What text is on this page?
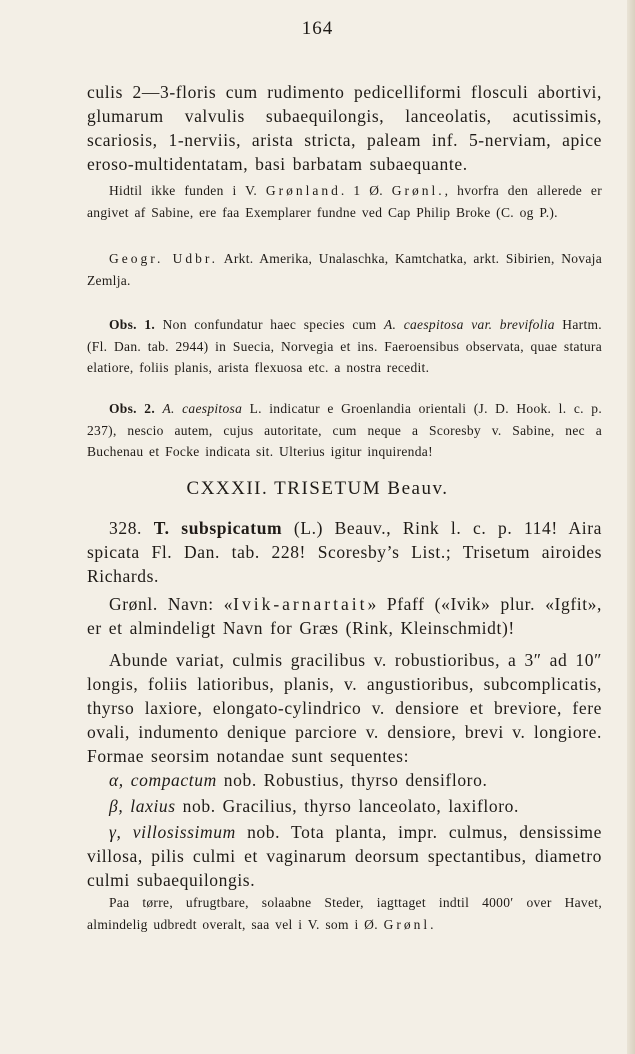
164

culis 2—3-floris cum rudimento pedicelliformi flosculi abortivi, glumarum valvulis subaequilongis, lanceolatis, acutissimis, scariosis, 1-nerviis, arista stricta, paleam inf. 5-nerviam, apice eroso-multidentatam, basi barbatam subaequante.

Hidtil ikke funden i V. Grønland. 1 Ø. Grønl., hvorfra den allerede er angivet af Sabine, ere faa Exemplarer fundne ved Cap Philip Broke (C. og P.).

Geogr. Udbr. Arkt. Amerika, Unalaschka, Kamtchatka, arkt. Sibirien, Novaja Zemlja.

Obs. 1. Non confundatur haec species cum A. caespitosa var. brevifolia Hartm. (Fl. Dan. tab. 2944) in Suecia, Norvegia et ins. Faeroensibus observata, quae statura elatiore, foliis planis, arista flexuosa etc. a nostra recedit.

Obs. 2. A. caespitosa L. indicatur e Groenlandia orientali (J. D. Hook. l. c. p. 237), nescio autem, cujus autoritate, cum neque a Scoresby v. Sabine, nec a Buchenau et Focke indicata sit. Ulterius igitur inquirenda!

CXXXII. TRISETUM Beauv.

328. T. subspicatum (L.) Beauv., Rink l. c. p. 114! Aira spicata Fl. Dan. tab. 228! Scoresby’s List.; Trisetum airoides Richards.

Grønl. Navn: «Ivik-arnartait» Pfaff («Ivik» plur. «Igfit», er et almindeligt Navn for Græs (Rink, Kleinschmidt)!

Abunde variat, culmis gracilibus v. robustioribus, a 3″ ad 10″ longis, foliis latioribus, planis, v. angustioribus, subcomplicatis, thyrso laxiore, elongato-cylindrico v. densiore et breviore, fere ovali, indumento denique parciore v. densiore, brevi v. longiore. Formae seorsim notandae sunt sequentes:

α, compactum nob. Robustius, thyrso densifloro.

β, laxius nob. Gracilius, thyrso lanceolato, laxifloro.

γ, villosissimum nob. Tota planta, impr. culmus, densissime villosa, pilis culmi et vaginarum deorsum spectantibus, diametro culmi subaequilongis.

Paa tørre, ufrugtbare, solaabne Steder, iagttaget indtil 4000′ over Havet, almindelig udbredt overalt, saa vel i V. som i Ø. Grønl.
